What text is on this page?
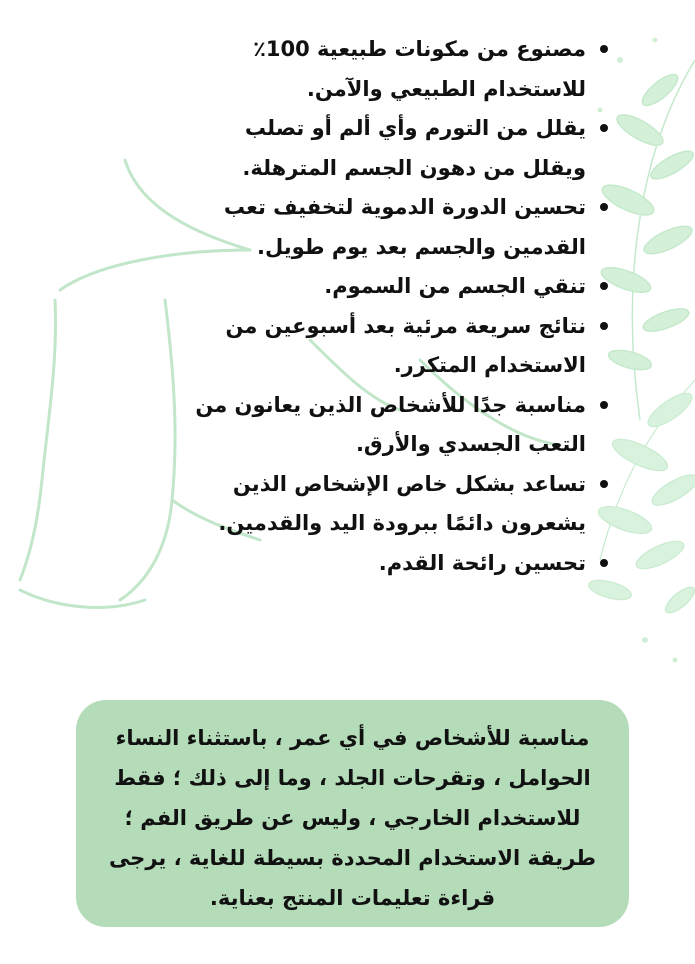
مصنوع من مكونات طبيعية 100٪ للاستخدام الطبيعي والآمن.
يقلل من التورم وأي ألم أو تصلب ويقلل من دهون الجسم المترهلة.
تحسين الدورة الدموية لتخفيف تعب القدمين والجسم بعد يوم طويل.
تنقي الجسم من السموم.
نتائج سريعة مرئية بعد أسبوعين من الاستخدام المتكرر.
مناسبة جدًا للأشخاص الذين يعانون من التعب الجسدي والأرق.
تساعد بشكل خاص الإشخاص الذين يشعرون دائمًا ببرودة اليد والقدمين.
تحسين رائحة القدم.
مناسبة للأشخاص في أي عمر ، باستثناء النساء الحوامل ، وتقرحات الجلد ، وما إلى ذلك ؛ فقط للاستخدام الخارجي ، وليس عن طريق الفم ؛ طريقة الاستخدام المحددة بسيطة للغاية ، يرجى قراءة تعليمات المنتج بعناية.
